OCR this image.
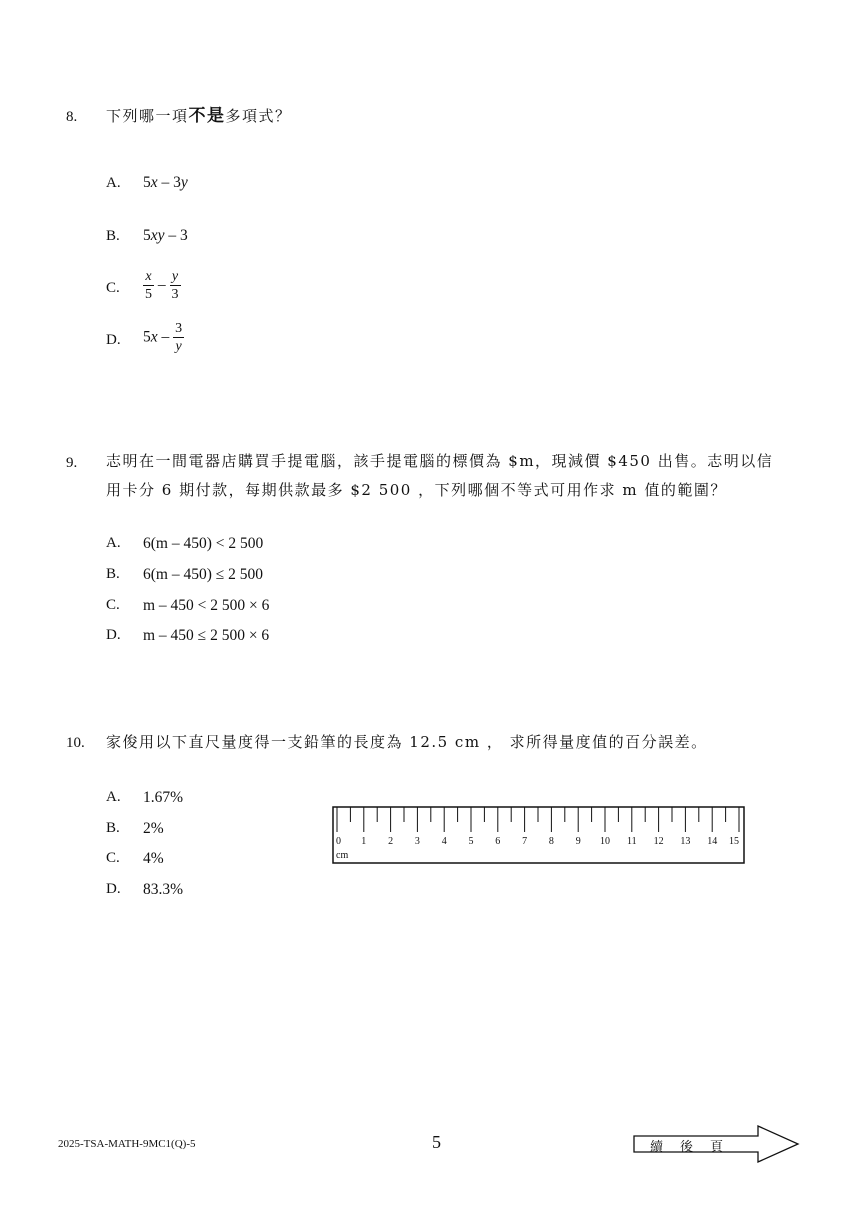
8. 下列哪一項不是多項式？
A. 5x – 3y
B. 5xy – 3
C. $\frac{x}{5} - \frac{y}{3}$
D. $5x - \frac{3}{y}$
9. 志明在一間電器店購買手提電腦，該手提電腦的標價為 $m，現減價 $450 出售。志明以信
用卡分 6 期付款，每期供款最多 $2 500 ，下列哪個不等式可用作求 m 值的範圍？
A. 6(m – 450) < 2 500
B. 6(m – 450) ≤ 2 500
C. m – 450 < 2 500 × 6
D. m – 450 ≤ 2 500 × 6
10. 家俊用以下直尺量度得一支鉛筆的長度為 12.5 cm ， 求所得量度值的百分誤差。
A. 1.67%
B. 2%
C. 4%
D. 83.3%
0 1 2 3 4 5 6 7 8 9 10 11 12 13 14 15
cm
2025-TSA-MATH-9MC1(Q)-5	5	續　後　頁
